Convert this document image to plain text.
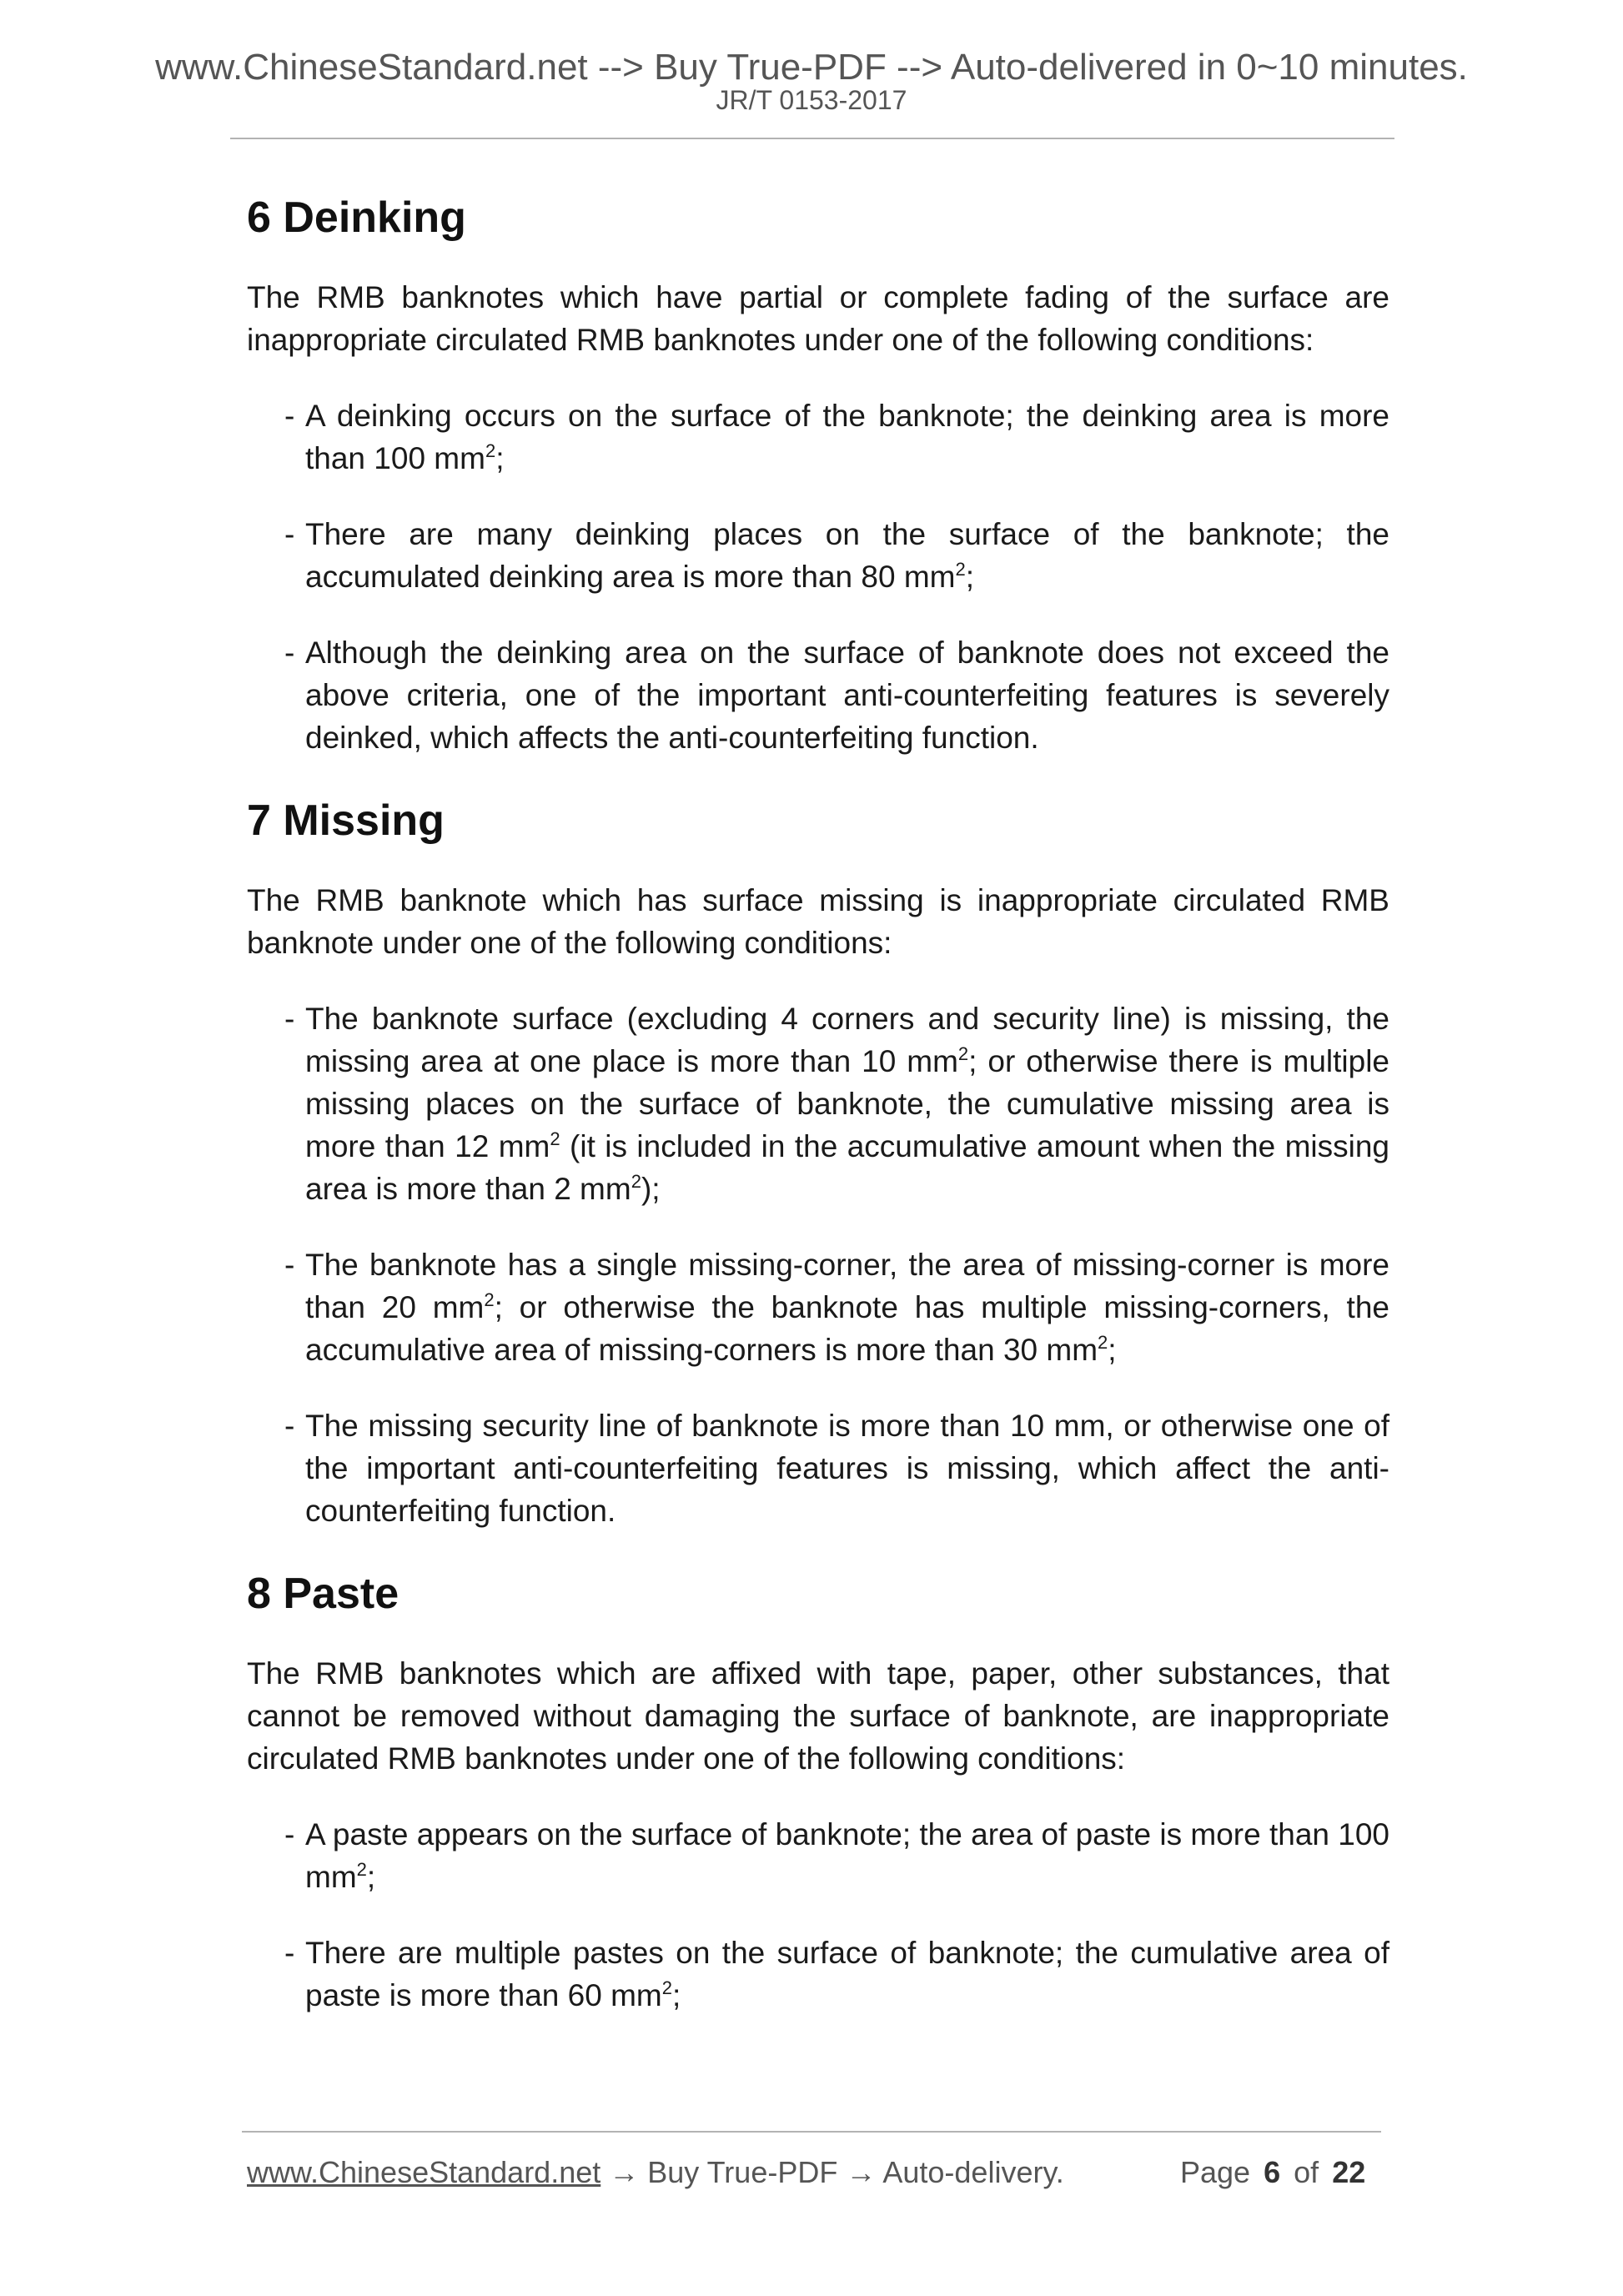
www.ChineseStandard.net --> Buy True-PDF --> Auto-delivered in 0~10 minutes.
JR/T 0153-2017
6 Deinking

The RMB banknotes which have partial or complete fading of the surface are inappropriate circulated RMB banknotes under one of the following conditions:

- A deinking occurs on the surface of the banknote; the deinking area is more than 100 $mm^2$;
- There are many deinking places on the surface of the banknote; the accumulated deinking area is more than 80 $mm^2$;
- Although the deinking area on the surface of banknote does not exceed the above criteria, one of the important anti-counterfeiting features is severely deinked, which affects the anti-counterfeiting function.
7 Missing

The RMB banknote which has surface missing is inappropriate circulated RMB banknote under one of the following conditions:

- The banknote surface (excluding 4 corners and security line) is missing, the missing area at one place is more than 10 $mm^2$; or otherwise there is multiple missing places on the surface of banknote, the cumulative missing area is more than 12 $mm^2$ (it is included in the accumulative amount when the missing area is more than 2 $mm^2$);
- The banknote has a single missing-corner, the area of missing-corner is more than 20 $mm^2$; or otherwise the banknote has multiple missing-corners, the accumulative area of missing-corners is more than 30 $mm^2$;
- The missing security line of banknote is more than 10 mm, or otherwise one of the important anti-counterfeiting features is missing, which affect the anti-counterfeiting function.
8 Paste

The RMB banknotes which are affixed with tape, paper, other substances, that cannot be removed without damaging the surface of banknote, are inappropriate circulated RMB banknotes under one of the following conditions:

- A paste appears on the surface of banknote; the area of paste is more than 100 $mm^2$;
- There are multiple pastes on the surface of banknote; the cumulative area of paste is more than 60 $mm^2$;
www.ChineseStandard.net → Buy True-PDF → Auto-delivery.	Page 6 of 22
